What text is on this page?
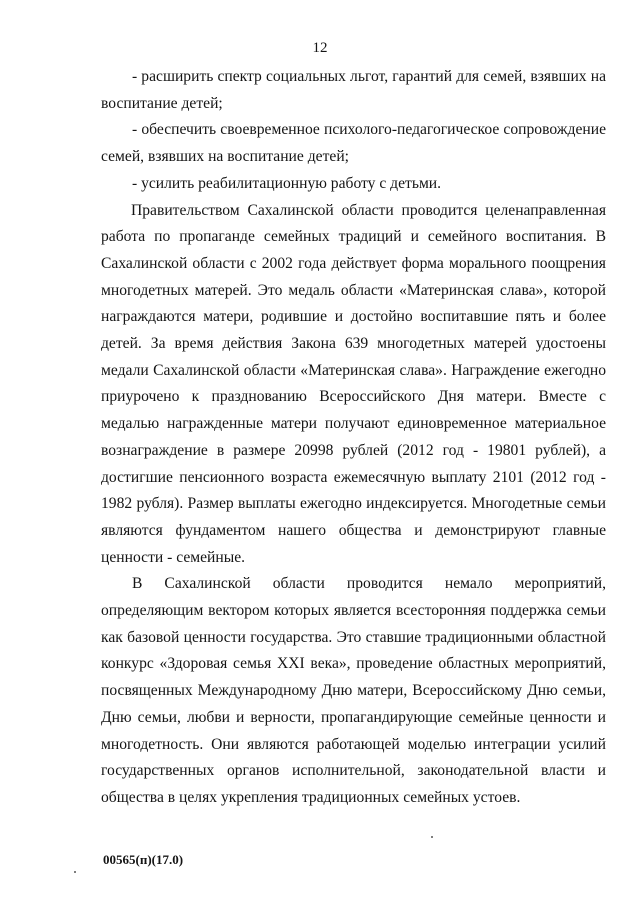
12

- расширить спектр социальных льгот, гарантий для семей, взявших на воспитание детей;

- обеспечить своевременное психолого-педагогическое сопровождение семей, взявших на воспитание детей;

- усилить реабилитационную работу с детьми.

Правительством Сахалинской области проводится целенаправленная работа по пропаганде семейных традиций и семейного воспитания. В Сахалинской области с 2002 года действует форма морального поощрения многодетных матерей. Это медаль области «Материнская слава», которой награждаются матери, родившие и достойно воспитавшие пять и более детей. За время действия Закона 639 многодетных матерей удостоены медали Сахалинской области «Материнская слава». Награждение ежегодно приурочено к празднованию Всероссийского Дня матери. Вместе с медалью награжденные матери получают единовременное материальное вознаграждение в размере 20998 рублей (2012 год - 19801 рублей), а достигшие пенсионного возраста ежемесячную выплату 2101 (2012 год - 1982 рубля). Размер выплаты ежегодно индексируется. Многодетные семьи являются фундаментом нашего общества и демонстрируют главные ценности - семейные.

В Сахалинской области проводится немало мероприятий, определяющим вектором которых является всесторонняя поддержка семьи как базовой ценности государства. Это ставшие традиционными областной конкурс «Здоровая семья XXI века», проведение областных мероприятий, посвященных Международному Дню матери, Всероссийскому Дню семьи, Дню семьи, любви и верности, пропагандирующие семейные ценности и многодетность. Они являются работающей моделью интеграции усилий государственных органов исполнительной, законодательной власти и общества в целях укрепления традиционных семейных устоев.

00565(п)(17.0)
